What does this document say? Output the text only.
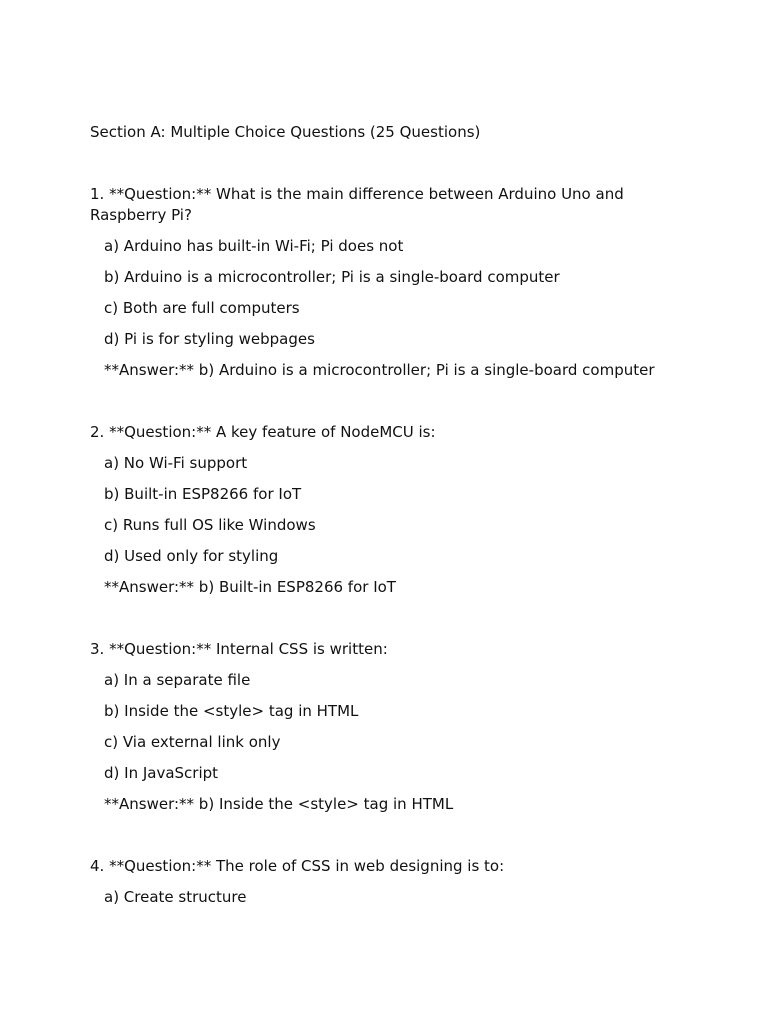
Section A: Multiple Choice Questions (25 Questions)

1. **Question:** What is the main difference between Arduino Uno and Raspberry Pi?

a) Arduino has built-in Wi-Fi; Pi does not

b) Arduino is a microcontroller; Pi is a single-board computer

c) Both are full computers

d) Pi is for styling webpages

**Answer:** b) Arduino is a microcontroller; Pi is a single-board computer

2. **Question:** A key feature of NodeMCU is:

a) No Wi-Fi support

b) Built-in ESP8266 for IoT

c) Runs full OS like Windows

d) Used only for styling

**Answer:** b) Built-in ESP8266 for IoT

3. **Question:** Internal CSS is written:

a) In a separate file

b) Inside the <style> tag in HTML

c) Via external link only

d) In JavaScript

**Answer:** b) Inside the <style> tag in HTML

4. **Question:** The role of CSS in web designing is to:

a) Create structure
